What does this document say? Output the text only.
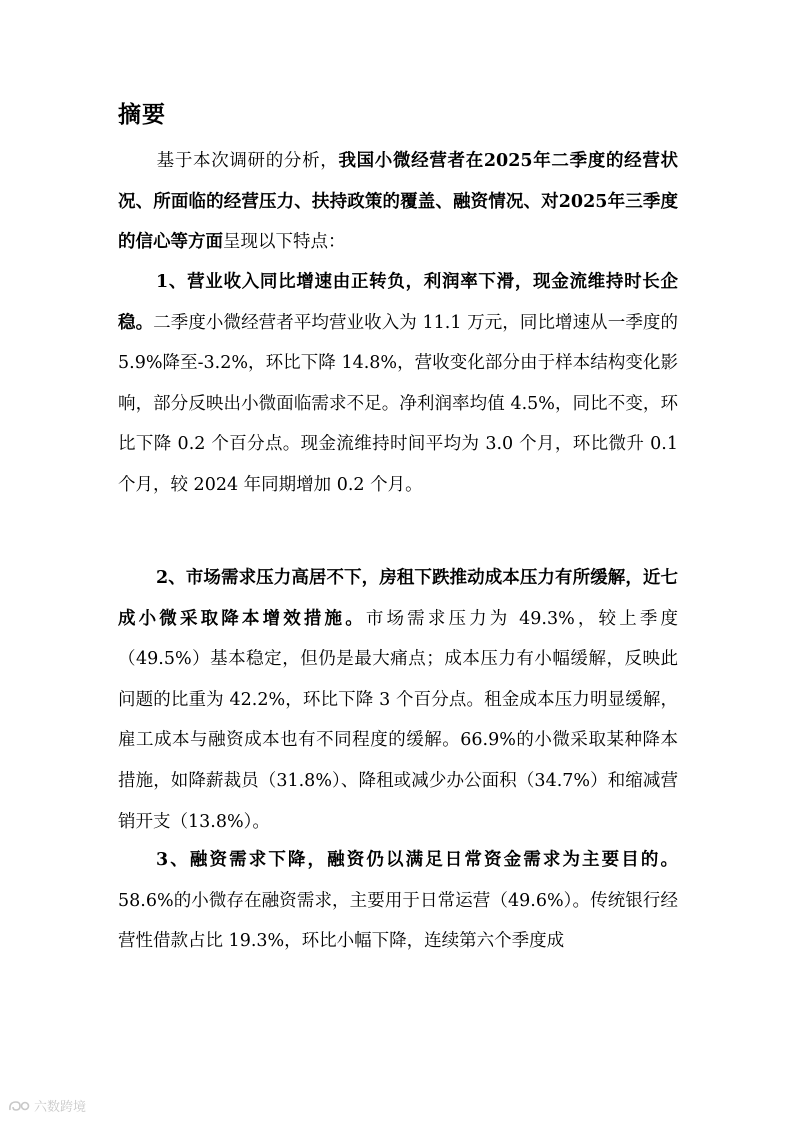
摘要

基于本次调研的分析，我国小微经营者在2025年二季度的经营状况、所面临的经营压力、扶持政策的覆盖、融资情况、对2025年三季度的信心等方面呈现以下特点：

1、营业收入同比增速由正转负，利润率下滑，现金流维持时长企稳。二季度小微经营者平均营业收入为 11.1 万元，同比增速从一季度的 5.9%降至-3.2%，环比下降 14.8%，营收变化部分由于样本结构变化影响，部分反映出小微面临需求不足。净利润率均值 4.5%，同比不变，环比下降 0.2 个百分点。现金流维持时间平均为 3.0 个月，环比微升 0.1 个月，较 2024 年同期增加 0.2 个月。

2、市场需求压力高居不下，房租下跌推动成本压力有所缓解，近七成小微采取降本增效措施。市场需求压力为 49.3%，较上季度（49.5%）基本稳定，但仍是最大痛点；成本压力有小幅缓解，反映此问题的比重为 42.2%，环比下降 3 个百分点。租金成本压力明显缓解，雇工成本与融资成本也有不同程度的缓解。66.9%的小微采取某种降本措施，如降薪裁员（31.8%）、降租或减少办公面积（34.7%）和缩减营销开支（13.8%）。

3、融资需求下降，融资仍以满足日常资金需求为主要目的。58.6%的小微存在融资需求，主要用于日常运营（49.6%）。传统银行经营性借款占比 19.3%，环比小幅下降，连续第六个季度成

六数跨境
